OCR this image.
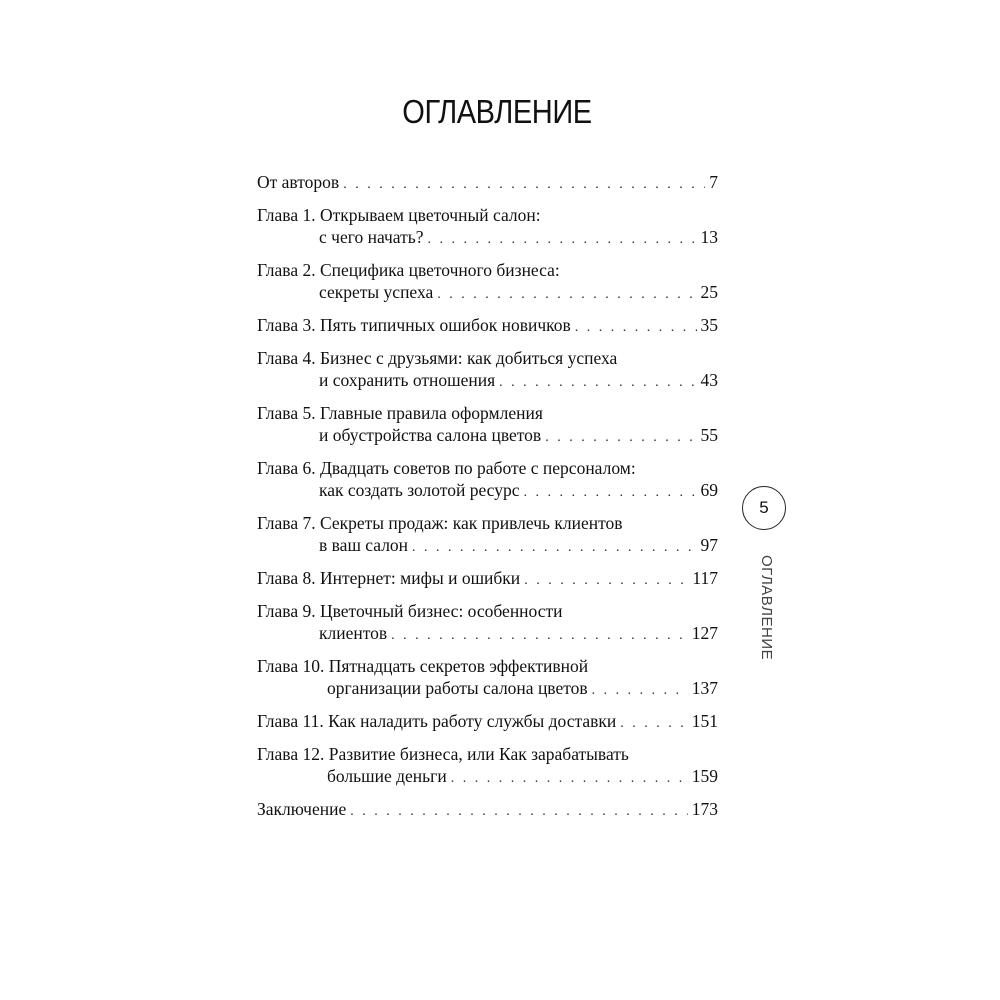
ОГЛАВЛЕНИЕ
От авторов . . .	7
Глава 1. Открываем цветочный салон:
с чего начать? . . .	13
Глава 2. Специфика цветочного бизнеса:
секреты успеха . . .	25
Глава 3. Пять типичных ошибок новичков . . .	35
Глава 4. Бизнес с друзьями: как добиться успеха
и сохранить отношения . . .	43
Глава 5. Главные правила оформления
и обустройства салона цветов . . .	55
Глава 6. Двадцать советов по работе с персоналом:
как создать золотой ресурс . . .	69
Глава 7. Секреты продаж: как привлечь клиентов
в ваш салон . . .	97
Глава 8. Интернет: мифы и ошибки . . .	117
Глава 9. Цветочный бизнес: особенности
клиентов . . .	127
Глава 10. Пятнадцать секретов эффективной
организации работы салона цветов . . .	137
Глава 11. Как наладить работу службы доставки . . .	151
Глава 12. Развитие бизнеса, или Как зарабатывать
большие деньги . . .	159
Заключение . . .	173
5
ОГЛАВЛЕНИЕ
